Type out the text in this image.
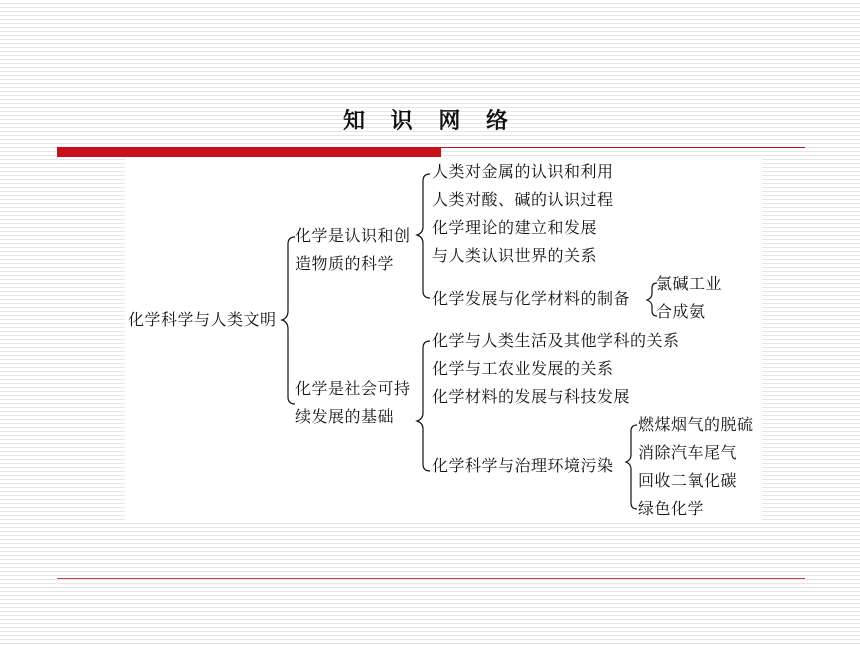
知 识 网 络
化学科学与人类文明
化学是认识和创
造物质的科学
人类对金属的认识和利用
人类对酸、碱的认识过程
化学理论的建立和发展
与人类认识世界的关系
化学发展与化学材料的制备
氯碱工业
合成氨
化学是社会可持
续发展的基础
化学与人类生活及其他学科的关系
化学与工农业发展的关系
化学材料的发展与科技发展
化学科学与治理环境污染
燃煤烟气的脱硫
消除汽车尾气
回收二氧化碳
绿色化学
